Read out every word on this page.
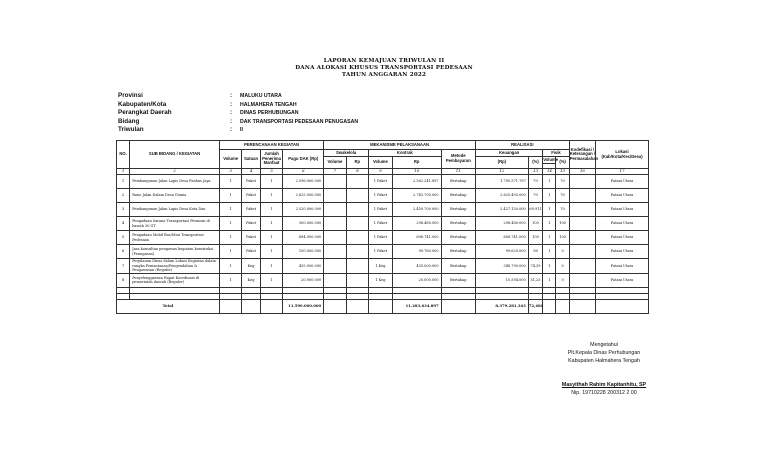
LAPORAN KEMAJUAN TRIWULAN II
DANA ALOKASI KHUSUS TRANSPORTASI PEDESAAN
TAHUN ANGGARAN 2022
Provinsi	:	MALUKU UTARA
Kabupaten/Kota	:	HALMAHERA TENGAH
Perangkat Daerah	:	DINAS PERHUBUNGAN
Bidang	:	DAK TRANSPORTASI PEDESAAN PENUGASAN
Triwulan	:	II
NO.	SUB BIDANG / KEGIATAN	PERENCANAAN KEGIATAN				MEKANISME PELAKSANAAN					REALISASI				Kodefikasi / Keterangan / Permasalahan	Lokasi (Kab/Kota/Kec/Desa)
		Volume	Satuan	Jumlah Penerima Manfaat	Pagu DAK (Rp)	Swakelola		Kontrak		Metode Pembayaran	Keuangan		Fisik			
						Volume	Rp	Volume	Rp		(Rp)	(%)	Volume	(%)		

1	2	3	4	5	6	7	8	9	10	11	12	13	14	15	16	17
1	Pembangunan Jalan Lapis Desa Fanhas Jaya	1	Paket	1	2.596.000.000			1 Paket	2.562.241.897	Bertahap	1.795.571.797	70	1	70		Patani Utara
2	Rano Jalan Dalam Desa Gemia	1	Paket	1	2.625.000.000			1 Paket	2.743.700.000	Bertahap	2.625.493.000	70	1	70		Patani Utara
3	Pembangunan Jalan Lapis Desa Kota Dau	1	Paket	1	2.520.000.000			1 Paket	2.459.700.000	Bertahap	2.427.150.000	69,911	1	70		Patani Utara
4	Pengadaan Sarana Transportasi Perairan di bawah 30 GT	1	Paket	1	300.000.000			1 Paket	298.480.000	Bertahap	298.480.000	100	1	100		Patani Utara
5	Pengadaan Mobil Bus/Mini Transportasi Pedesaan	1	Paket	1	684.000.000			1 Paket	608.741.000	Bertahap	608.741.000	100	1	100		Patani Utara
6	Jasa konsultan pengawas kegiatan konstruksi (Penugasan)	1	Paket	1	100.000.000			1 Paket	99.780.000	Bertahap	99.620.000	98	1	0		Patani Utara
7	Perjalanan Dinas dalam Lokasi Kegiatan dalam rangka Pemantauan/Pengendalian & Pengawasan (Reguler)	1	Keg	1	435.000.000			1 Keg	435.000.000	Bertahap	348.790.000	74,39	1	0		Patani Utara
8	Penyelenggaraan Rapat Koordinasi di pemerintah daerah (Reguler)	1	Keg	1	20.000.000			1 Keg	20.000.000	Bertahap	10.594.000	51,25	1	0		Patani Utara

Total					11.590.000.000				11.283.634.897		8.379.281.343	72,480				
Mengetahui
Plt.Kepala Dinas Perhubungan
Kabupaten Halmahera Tengah
Masyithah Rahim Kapitanhitu, SP
Nip. 19710228 200312 2 00
